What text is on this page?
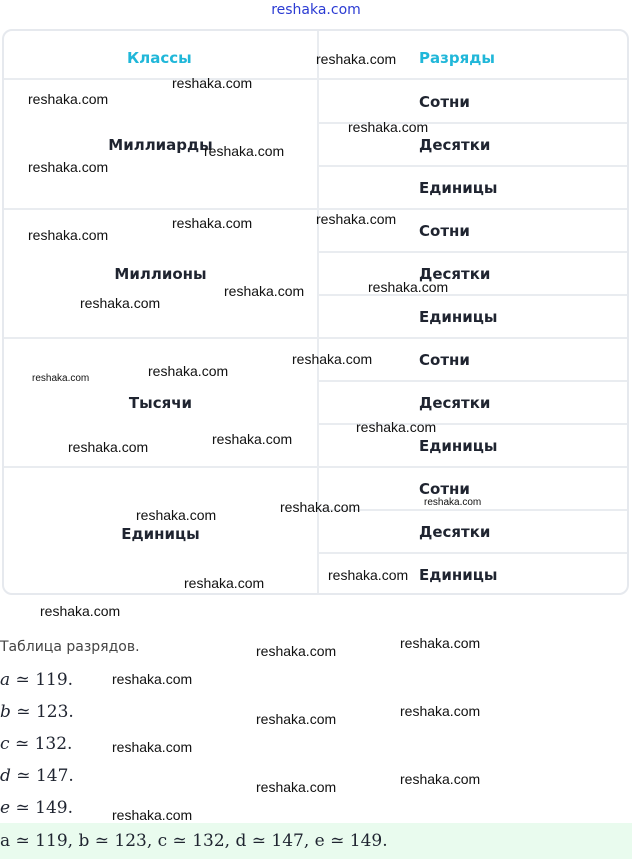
reshaka.com
Классы	Разряды
Миллиарды
Миллионы
Тысячи
Единицы
Сотни
Десятки
Единицы
Сотни
Десятки
Единицы
Сотни
Десятки
Единицы
Сотни
Десятки
Единицы
reshaka.com
reshaka.com
reshaka.com
reshaka.com
reshaka.com
reshaka.com
reshaka.com
reshaka.com
reshaka.com
reshaka.com
reshaka.com
reshaka.com
reshaka.com
reshaka.com
reshaka.com
reshaka.com
reshaka.com
reshaka.com
reshaka.com
reshaka.com
reshaka.com
reshaka.com
reshaka.com
reshaka.com
reshaka.com
reshaka.com
reshaka.com
reshaka.com
reshaka.com
reshaka.com
reshaka.com
reshaka.com
reshaka.com
Таблица разрядов.
a ≃ 119.
b ≃ 123.
c ≃ 132.
d ≃ 147.
e ≃ 149.
a ≃ 119, b ≃ 123, c ≃ 132, d ≃ 147, e ≃ 149.
